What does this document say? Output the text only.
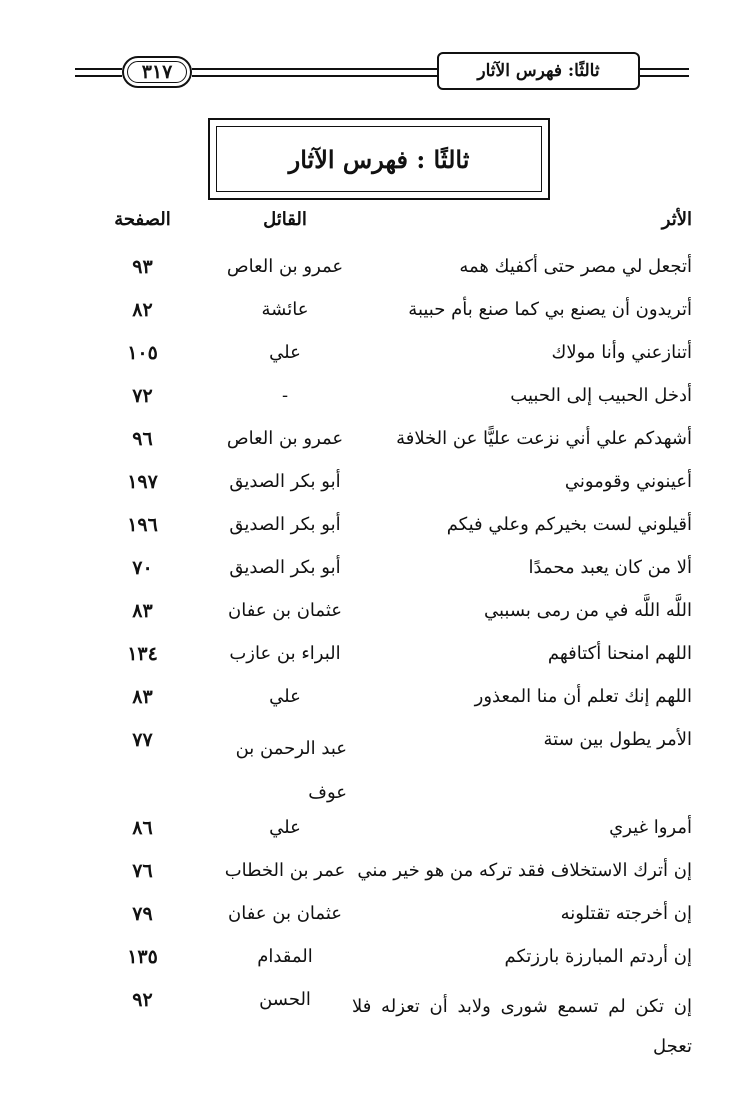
٣١٧	ثالثًا: فهرس الآثار
ثالثًا : فهرس الآثار
الأثر
القائل
الصفحة
أتجعل لي مصر حتى أكفيك همه
عمرو بن العاص
٩٣
أتريدون أن يصنع بي كما صنع بأم حبيبة
عائشة
٨٢
أتنازعني وأنا مولاك
علي
١٠٥
أدخل الحبيب إلى الحبيب
-
٧٢
أشهدكم علي أني نزعت عليًّا عن الخلافة
عمرو بن العاص
٩٦
أعينوني وقوموني
أبو بكر الصديق
١٩٧
أقيلوني لست بخيركم وعلي فيكم
أبو بكر الصديق
١٩٦
ألا من كان يعبد محمدًا
أبو بكر الصديق
٧٠
اللَّه اللَّه في من رمى بسببي
عثمان بن عفان
٨٣
اللهم امنحنا أكتافهم
البراء بن عازب
١٣٤
اللهم إنك تعلم أن منا المعذور
علي
٨٣
الأمر يطول بين ستة
عبد الرحمن بن عوف
٧٧
أمروا غيري
علي
٨٦
إن أترك الاستخلاف فقد تركه من هو خير مني
عمر بن الخطاب
٧٦
إن أخرجته تقتلونه
عثمان بن عفان
٧٩
إن أردتم المبارزة بارزتكم
المقدام
١٣٥
إن تكن لم تسمع شورى ولابد أن تعزله فلا تعجل
الحسن
٩٢
